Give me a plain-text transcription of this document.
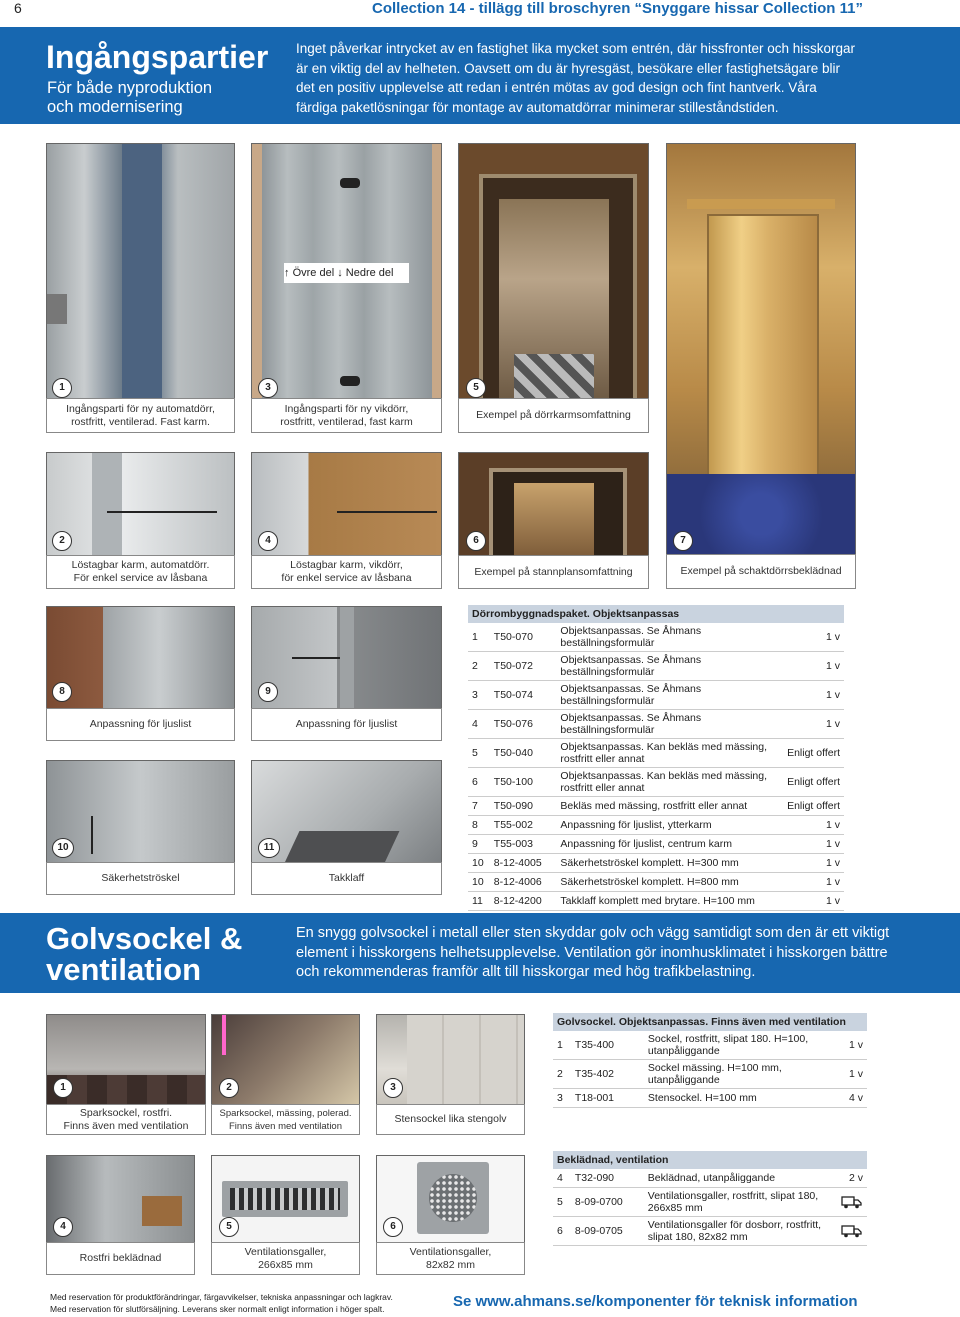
6	Collection 14 - tillägg till broschyren “Snyggare hissar Collection 11”
Ingångspartier
För både nyproduktion
och modernisering
Inget påverkar intrycket av en fastighet lika mycket som entrén, där hissfronter och hisskorgar
är en viktig del av helheten. Oavsett om du är hyresgäst, besökare eller fastighetsägare blir
det en positiv upplevelse att redan i entrén mötas av god design och fint hantverk. Våra
färdiga paketlösningar för montage av automatdörrar minimerar stilleståndstiden.
1
Ingångsparti för ny automatdörr,
rostfritt, ventilerad. Fast karm.
↑ Övre del ↓ Nedre del
3
Ingångsparti för ny vikdörr,
rostfritt, ventilerad, fast karm
5
Exempel på dörrkarmsomfattning
7
Exempel på schaktdörrsbeklädnad
2
Löstagbar karm, automatdörr.
För enkel service av låsbana
4
Löstagbar karm, vikdörr,
för enkel service av låsbana
6
Exempel på stannplansomfattning
8
Anpassning för ljuslist
9
Anpassning för ljuslist
10
Säkerhetströskel
11
Takklaff
Dörrombyggnadspaket. Objektsanpassas			
1	T50-070	Objektsanpassas. Se Åhmans beställningsformulär	1 v
2	T50-072	Objektsanpassas. Se Åhmans beställningsformulär	1 v
3	T50-074	Objektsanpassas. Se Åhmans beställningsformulär	1 v
4	T50-076	Objektsanpassas. Se Åhmans beställningsformulär	1 v
5	T50-040	Objektsanpassas. Kan bekläs med mässing, rostfritt eller annat	Enligt offert
6	T50-100	Objektsanpassas. Kan bekläs med mässing, rostfritt eller annat	Enligt offert
7	T50-090	Bekläs med mässing, rostfritt eller annat	Enligt offert
8	T55-002	Anpassning för ljuslist, ytterkarm	1 v
9	T55-003	Anpassning för ljuslist, centrum karm	1 v
10	8-12-4005	Säkerhetströskel komplett. H=300 mm	1 v
10	8-12-4006	Säkerhetströskel komplett. H=800 mm	1 v
11	8-12-4200	Takklaff komplett med brytare. H=100 mm	1 v
Golvsockel &
ventilation
En snygg golvsockel i metall eller sten skyddar golv och vägg samtidigt som den är ett viktigt
element i hisskorgens helhetsupplevelse. Ventilation gör inomhusklimatet i hisskorgen bättre
och rekommenderas framför allt till hisskorgar med hög trafikbelastning.
1
Sparksockel, rostfri.
Finns även med ventilation
2
Sparksockel, mässing, polerad.
Finns även med ventilation
3
Stensockel lika stengolv
Golvsockel. Objektsanpassas. Finns även med ventilation			
1	T35-400	Sockel, rostfritt, slipat 180. H=100, utanpåliggande	1 v
2	T35-402	Sockel mässing. H=100 mm, utanpåliggande	1 v
3	T18-001	Stensockel. H=100 mm	4 v
4
Rostfri beklädnad
5
Ventilationsgaller,
266x85 mm
6
Ventilationsgaller,
82x82 mm
Beklädnad, ventilation			
4	T32-090	Beklädnad, utanpåliggande	2 v
5	8-09-0700	Ventilationsgaller, rostfritt, slipat 180, 266x85 mm	
6	8-09-0705	Ventilationsgaller för dosborr, rostfritt, slipat 180, 82x82 mm	
Med reservation för produktförändringar, färgavvikelser, tekniska anpassningar och lagkrav.
Med reservation för slutförsäljning. Leverans sker normalt enligt information i höger spalt.	Se www.ahmans.se/komponenter för teknisk information
